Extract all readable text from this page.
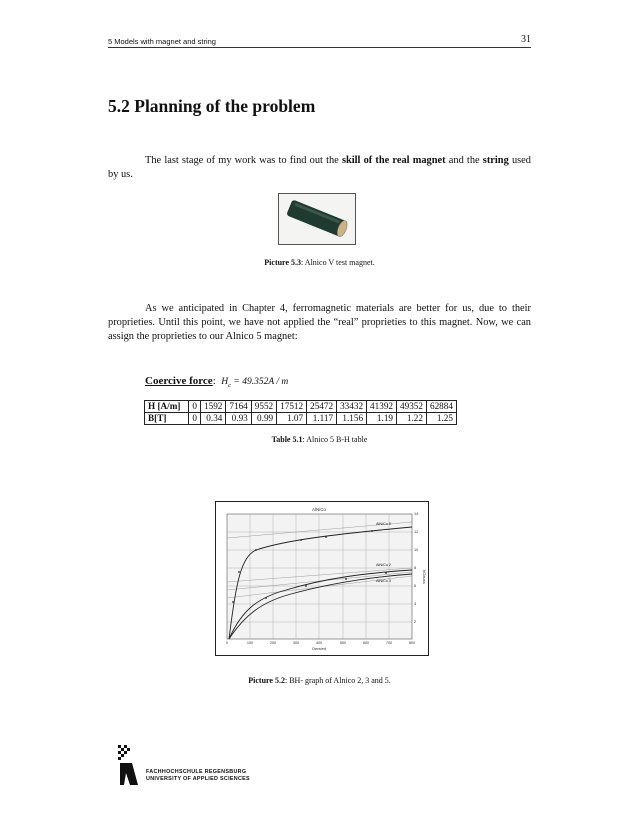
5 Models with magnet and string	31
5.2 Planning of the problem
The last stage of my work was to find out the skill of the real magnet and the string used by us.
Picture 5.3: Alnico V test magnet.
As we anticipated in Chapter 4, ferromagnetic materials are better for us, due to their proprieties. Until this point, we have not applied the “real” proprieties to this magnet. Now, we can assign the proprieties to our Alnico 5 magnet:
Coercive force: $H_c = 49.352A / m$
H [A/m]	0	1592	7164	9552	17512	25472	33432	41392	49352	62884
B[T]	0	0.34	0.93	0.99	1.07	1.117	1.156	1.19	1.22	1.25
Table 5.1: Alnico 5 B-H table
AlNiCo
AlNiCo 5
AlNiCo 2
AlNiCo 3
0	100	200	300	400	500	600	700	800
Oersted
14
12
10
8
6
4
2
kGauss
Picture 5.2: BH- graph of Alnico 2, 3 and 5.
FACHHOCHSCHULE REGENSBURG
UNIVERSITY OF APPLIED SCIENCES
